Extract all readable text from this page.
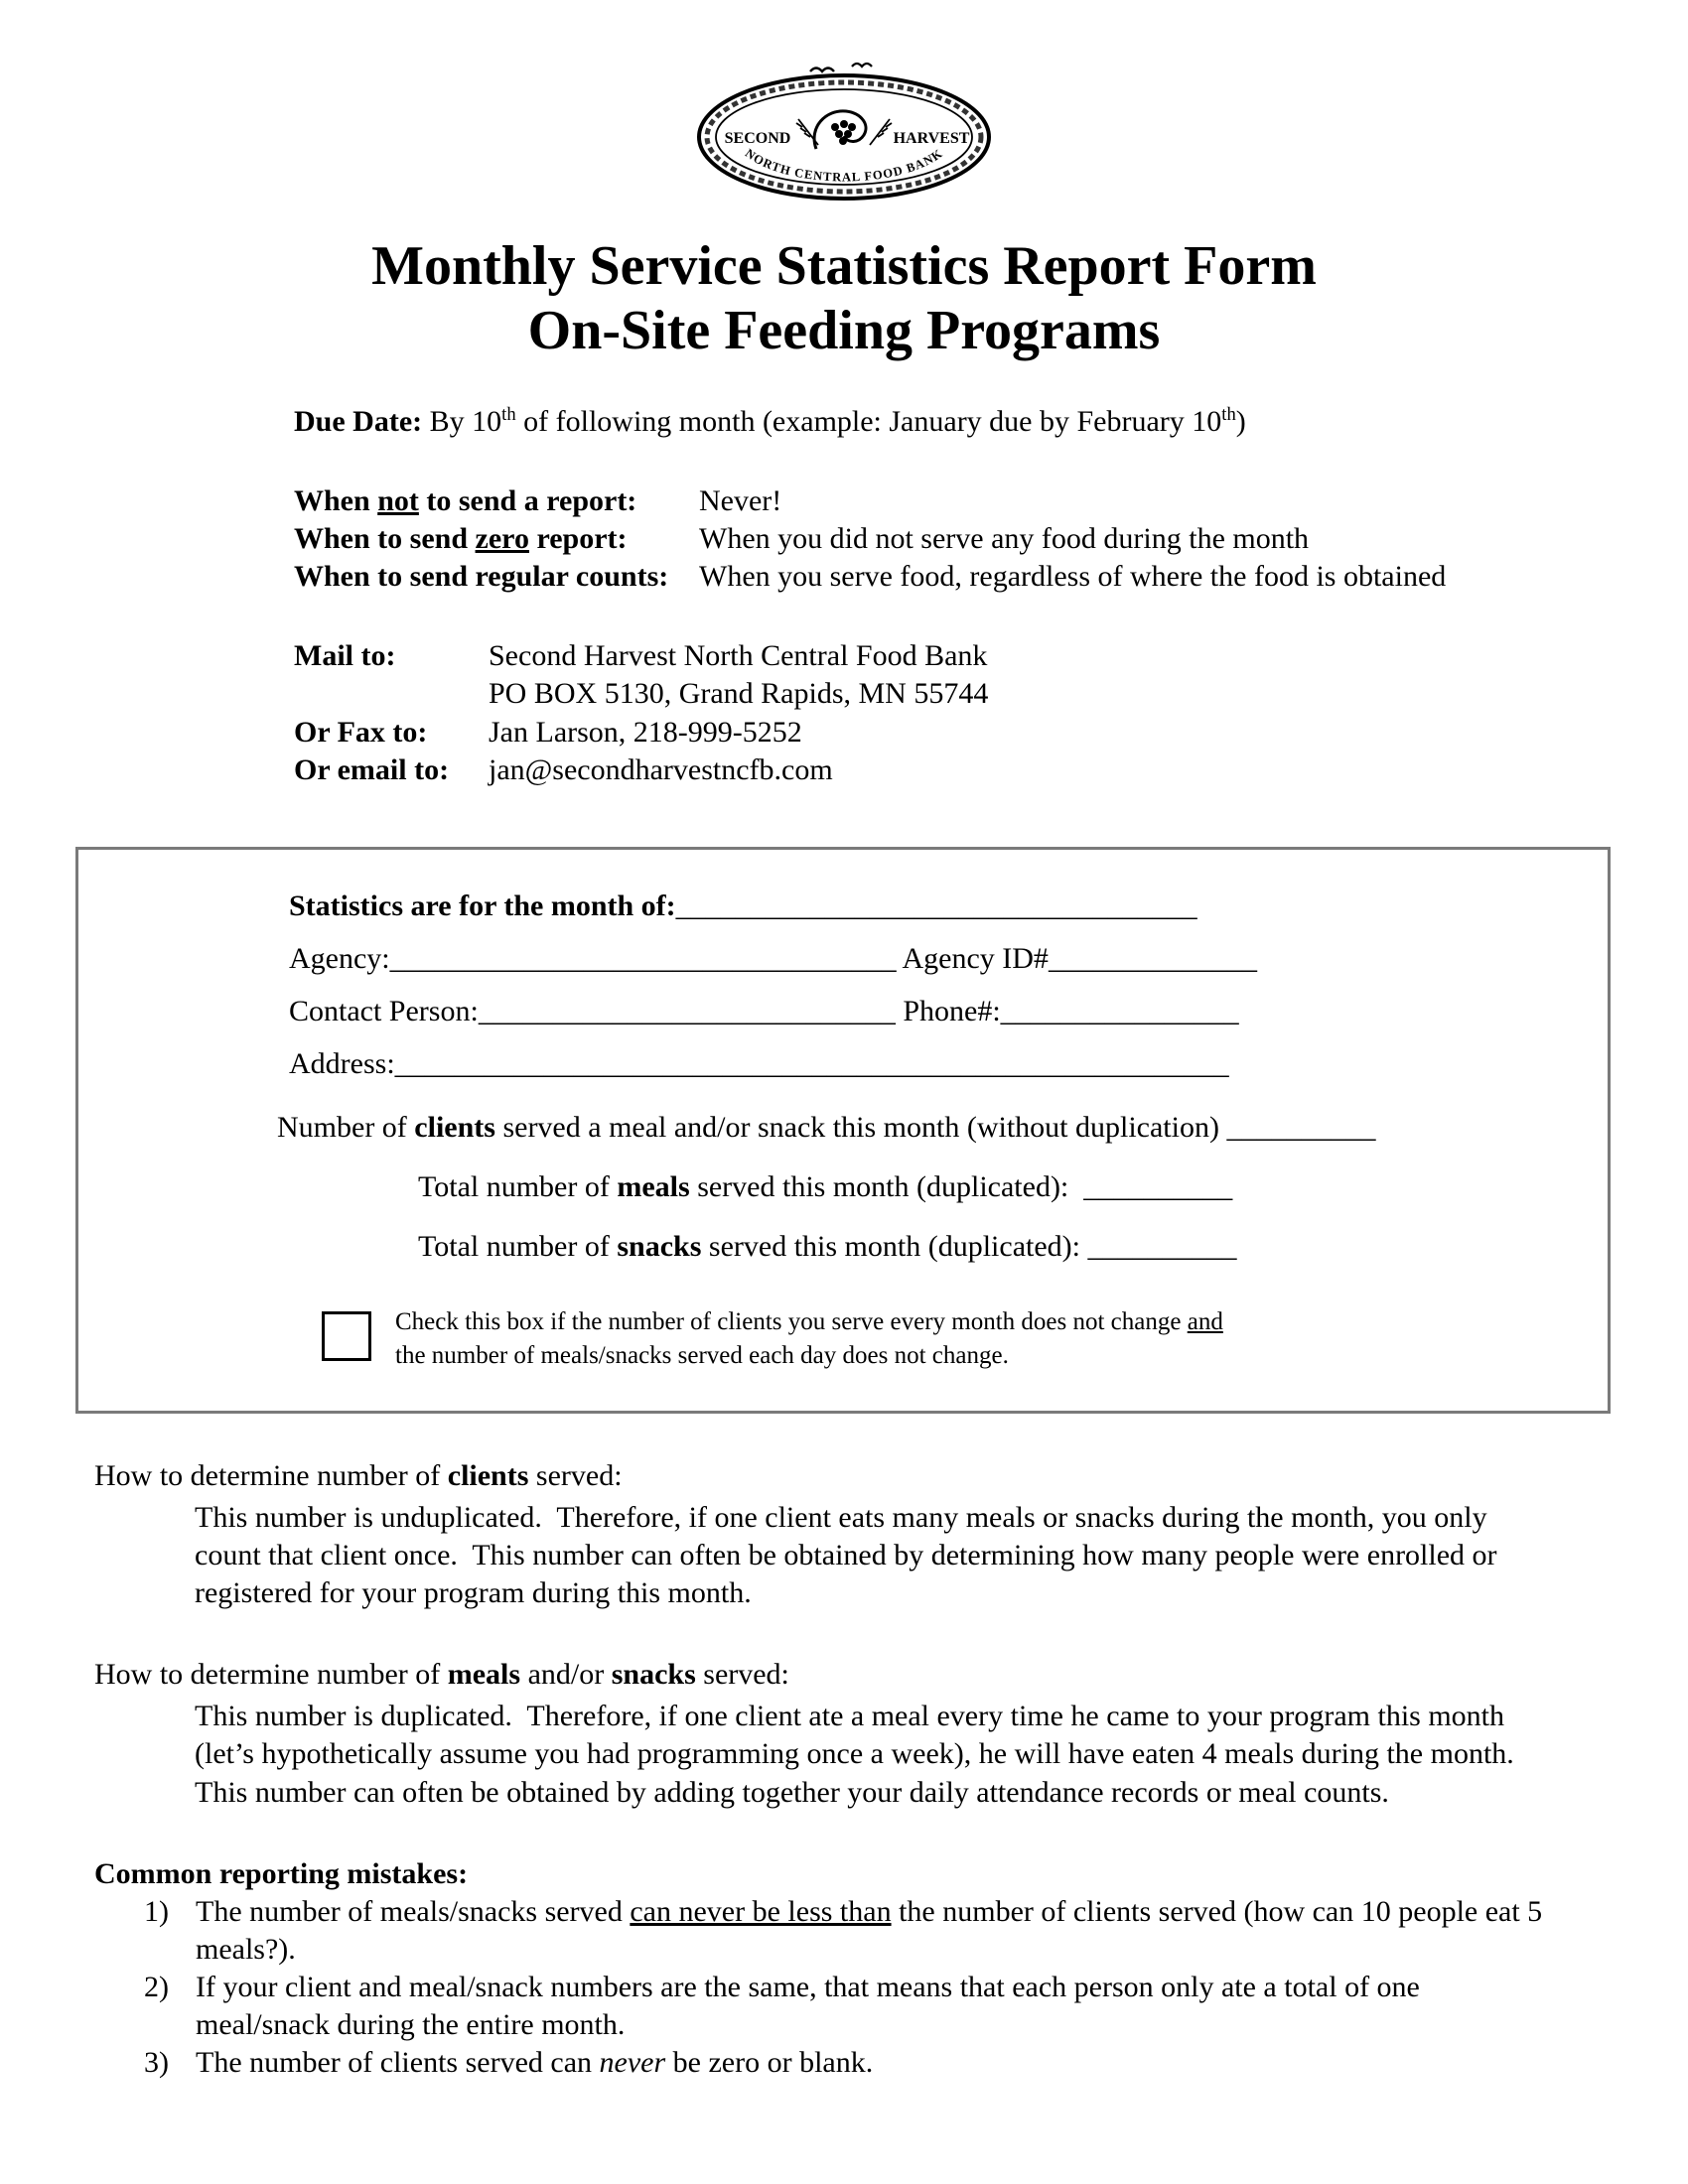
SECOND	HARVEST
NORTH CENTRAL FOOD BANK
Monthly Service Statistics Report Form
On-Site Feeding Programs

Due Date: By 10th of following month (example: January due by February 10th)

When not to send a report:	Never!
When to send zero report:	When you did not serve any food during the month
When to send regular counts:	When you serve food, regardless of where the food is obtained
Mail to:	Second Harvest North Central Food Bank
PO BOX 5130, Grand Rapids, MN 55744
Or Fax to:	Jan Larson, 218-999-5252
Or email to:	jan@secondharvestncfb.com
Statistics are for the month of:___________________________________
Agency:__________________________________ Agency ID#______________
Contact Person:____________________________ Phone#:________________
Address:________________________________________________________
Number of clients served a meal and/or snack this month (without duplication) __________
Total number of meals served this month (duplicated):  __________
Total number of snacks served this month (duplicated): __________
Check this box if the number of clients you serve every month does not change and the number of meals/snacks served each day does not change.
How to determine number of clients served:
This number is unduplicated.  Therefore, if one client eats many meals or snacks during the month, you only count that client once.  This number can often be obtained by determining how many people were enrolled or registered for your program during this month.
How to determine number of meals and/or snacks served:
This number is duplicated.  Therefore, if one client ate a meal every time he came to your program this month (let’s hypothetically assume you had programming once a week), he will have eaten 4 meals during the month.  This number can often be obtained by adding together your daily attendance records or meal counts.
Common reporting mistakes:
1) The number of meals/snacks served can never be less than the number of clients served (how can 10 people eat 5 meals?).
2) If your client and meal/snack numbers are the same, that means that each person only ate a total of one meal/snack during the entire month.
3) The number of clients served can never be zero or blank.
